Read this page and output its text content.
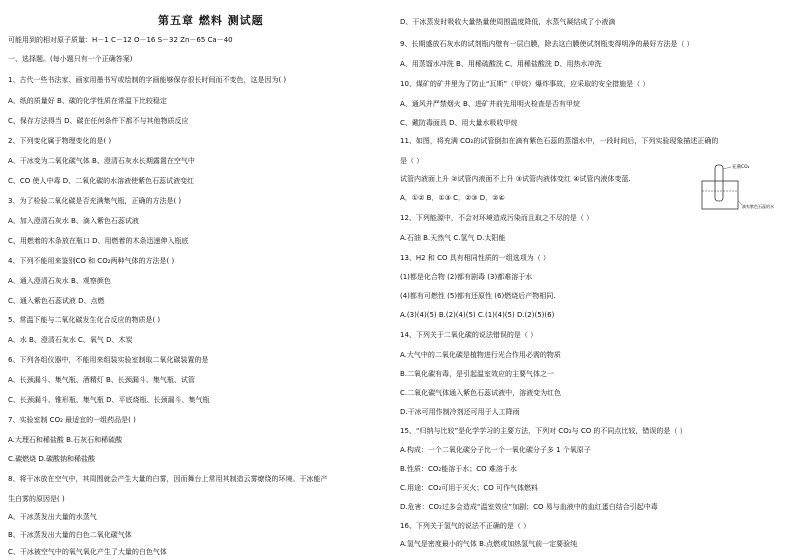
第五章 燃料 测试题
可能用到的相对原子质量：H－1 C－12 O－16 S－32 Zn－65 Ca－40
一、选择题。(每小题只有一个正确答案)
1、古代一些书法家、画家用墨书写或绘制的字画能够保存很长时间而不变色，这是因为( )
A、纸的质量好 B、碳的化学性质在常温下比较稳定
C、保存方法得当 D、碳在任何条件下都不与其他物质反应
2、下列变化属于物理变化的是( )
A、干冰变为二氧化碳气体 B、澄清石灰水长期露置在空气中
C、CO 使人中毒 D、二氧化碳的水溶液使紫色石蕊试液变红
3、为了检验二氧化碳是否充满集气瓶，正确的方法是( )
A、加入澄清石灰水 B、滴入紫色石蕊试液
C、用燃着的木条放在瓶口 D、用燃着的木条迅速伸入瓶底
4、下列不能用来鉴别CO 和 CO₂两种气体的方法是( )
A、通入澄清石灰水 B、观察颜色
C、通入紫色石蕊试液 D、点燃
5、常温下能与二氧化碳发生化合反应的物质是( )
A、水 B、澄清石灰水 C、氧气 D、木炭
6、下列各组仪器中，不能用来组装实验室制取二氧化碳装置的是
A、长颈漏斗、集气瓶、酒精灯 B、长颈漏斗、集气瓶、试管
C、长颈漏斗、锥形瓶、集气瓶 D、平底烧瓶、长颈漏斗、集气瓶
7、实验室制 CO₂ 最适宜的一组药品是( )
A.大理石和稀盐酸 B.石灰石和稀硫酸
C.碳燃烧 D.碳酸钠和稀盐酸
8、将干冰放在空气中，其周围就会产生大量的白雾，因而舞台上常用其制造云雾缭绕的环境。干冰能产
生白雾的原因是( )
A、干冰蒸发出大量的水蒸气
B、干冰蒸发出大量的白色二氧化碳气体
C、干冰被空气中的氧气氧化产生了大量的白色气体
D、干冰蒸发时吸收大量热量使周围温度降低，水蒸气凝结成了小液滴
9、长期盛放石灰水的试剂瓶内壁有一层白膜，除去这白膜使试剂瓶变得明净的最好方法是（ ）
A、用蒸馏水冲洗 B、用稀硫酸洗 C、用稀盐酸洗 D、用热水冲洗
10、煤矿的矿井里为了防止“瓦斯”（甲烷）爆炸事故，应采取的安全措施是（ ）
A、通风并严禁烟火 B、进矿井前先用明火检查是否有甲烷
C、戴防毒面具 D、用大量水吸收甲烷
11、如图，将充满 CO₂的试管倒扣在滴有紫色石蕊的蒸馏水中，一段时间后，下列实验现象描述正确的
是（ ）
试管内液面上升 ②试管内液面不上升 ③试管内液体变红 ④试管内液体变蓝.
A．①② B．①③ C．②③ D．②④
12、下列能源中，不会对环境造成污染而且取之不尽的是（ ）
A.石油 B.天然气 C.氢气 D.太阳能
13、H2 和 CO 具有相同性质的一组选项为（ ）
(1)都是化合物 (2)都有剧毒 (3)都难溶于水
(4)都有可燃性 (5)都有还原性 (6)燃烧后产物相同.
A.(3)(4)(5) B.(2)(4)(5) C.(1)(4)(5) D.(2)(5)(6)
14、下列关于二氧化碳的说法错误的是（ ）
A.大气中的二氧化碳是植物进行光合作用必需的物质
B.二氧化碳有毒，是引起温室效应的主要气体之一
C.二氧化碳气体通入紫色石蕊试液中，溶液变为红色
D.干冰可用作制冷剂还可用于人工降雨
15、“归纳与比较”是化学学习的主要方法，下列对 CO₂与 CO 的不同点比较，错误的是（ ）
A.构成：一个二氧化碳分子比一个一氧化碳分子多 1 个氧原子
B.性质：CO₂能溶于水；CO 难溶于水
C.用途：CO₂可用于灭火；CO 可作气体燃料
D.危害：CO₂过多会造成“温室效应”加剧；CO 易与血液中的血红蛋白结合引起中毒
16、下列关于氢气的说法不正确的是（ ）
A.氢气是密度最小的气体 B.点燃或加热氢气前一定要验纯
充满CO₂
滴有紫色石蕊的水
